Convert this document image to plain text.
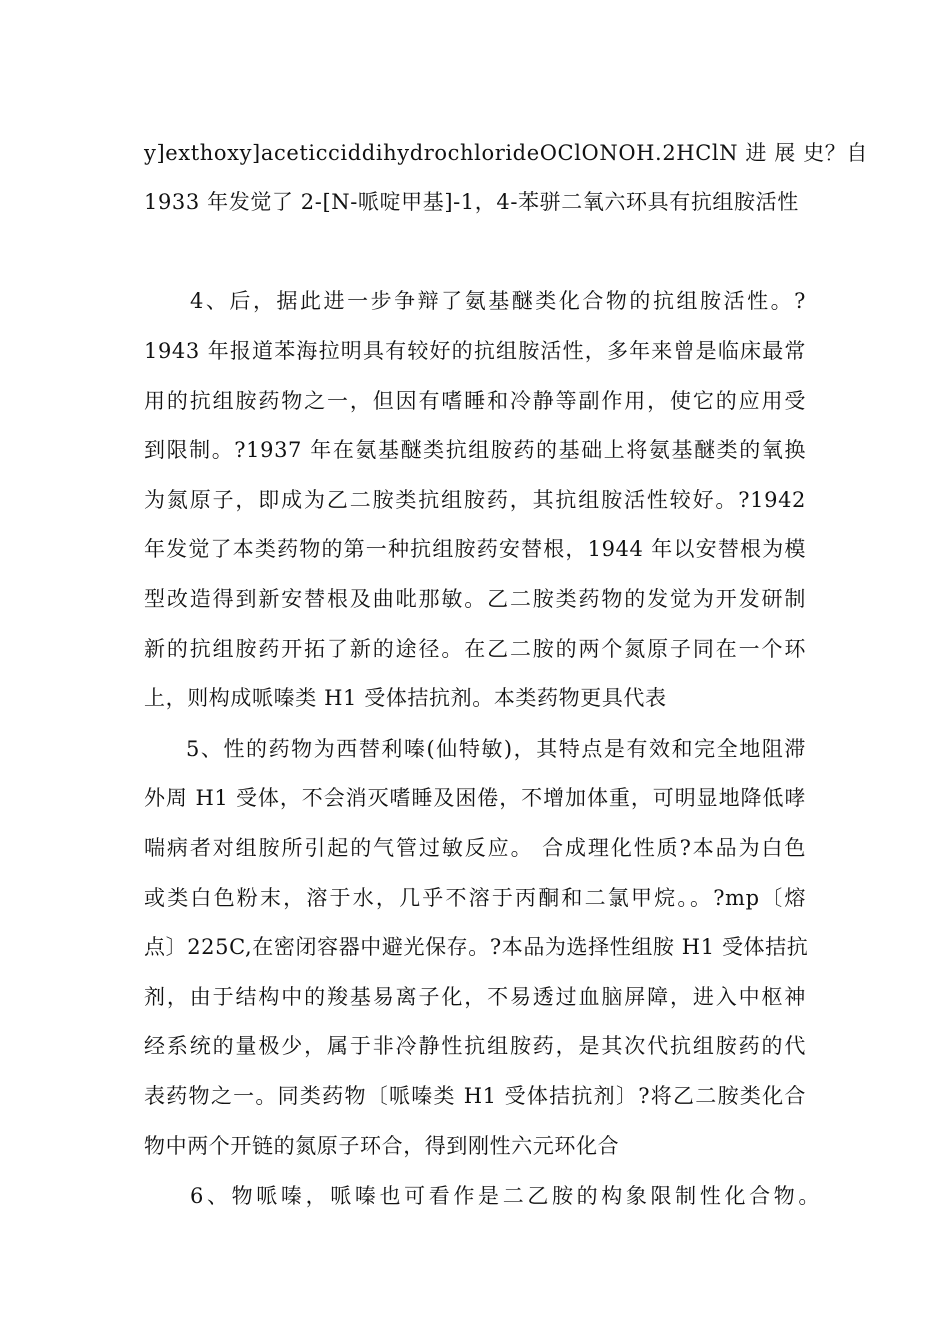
y]exthoxy]aceticciddihydrochlorideOClONOH.2HClN 进 展 史？自
1933 年发觉了 2-[N-哌啶甲基]-1，4-苯骈二氧六环具有抗组胺活性
4、后，据此进一步争辩了氨基醚类化合物的抗组胺活性。?
1943 年报道苯海拉明具有较好的抗组胺活性，多年来曾是临床最常
用的抗组胺药物之一，但因有嗜睡和冷静等副作用，使它的应用受
到限制。?1937 年在氨基醚类抗组胺药的基础上将氨基醚类的氧换
为氮原子，即成为乙二胺类抗组胺药，其抗组胺活性较好。?1942
年发觉了本类药物的第一种抗组胺药安替根，1944 年以安替根为模
型改造得到新安替根及曲吡那敏。乙二胺类药物的发觉为开发研制
新的抗组胺药开拓了新的途径。在乙二胺的两个氮原子同在一个环
上，则构成哌嗪类 H1 受体拮抗剂。本类药物更具代表
5、性的药物为西替利嗪(仙特敏)，其特点是有效和完全地阻滞
外周 H1 受体，不会消灭嗜睡及困倦，不增加体重，可明显地降低哮
喘病者对组胺所引起的气管过敏反应。 合成理化性质?本品为白色
或类白色粉末，溶于水，几乎不溶于丙酮和二氯甲烷。。?mp〔熔
点〕225C,在密闭容器中避光保存。?本品为选择性组胺 H1 受体拮抗
剂，由于结构中的羧基易离子化，不易透过血脑屏障，进入中枢神
经系统的量极少，属于非冷静性抗组胺药，是其次代抗组胺药的代
表药物之一。同类药物〔哌嗪类 H1 受体拮抗剂〕?将乙二胺类化合
物中两个开链的氮原子环合，得到刚性六元环化合
6、物哌嗪，哌嗪也可看作是二乙胺的构象限制性化合物。
